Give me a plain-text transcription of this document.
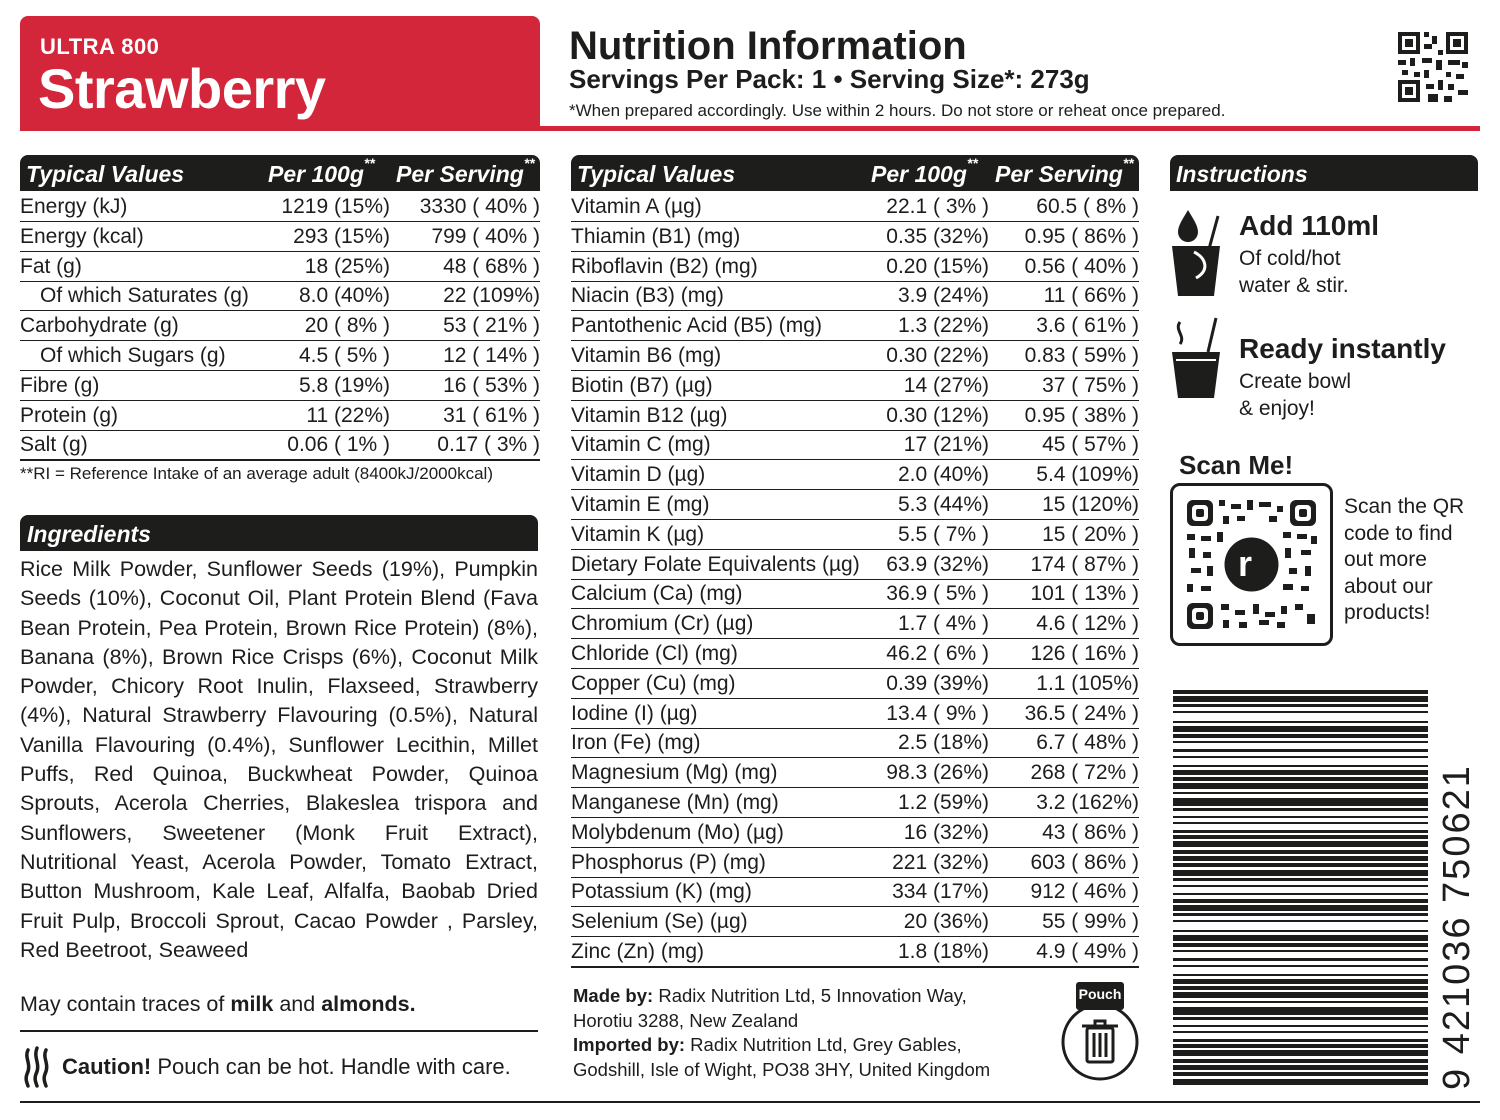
ULTRA 800
Strawberry
Nutrition Information
Servings Per Pack: 1 • Serving Size*: 273g
*When prepared accordingly. Use within 2 hours. Do not store or reheat once prepared.
Typical Values	Per 100g** Per Serving**
Energy (kJ)	1219 (15%) 3330 ( 40% )
Energy (kcal)	293 (15%) 799 ( 40% )
Fat (g)	18 (25%)	48 ( 68% )
Of which Saturates (g) 8.0 (40%)	22 (109%)
Carbohydrate (g)	20 ( 8% )	53 ( 21% )
Of which Sugars (g)	4.5 ( 5% )	12 ( 14% )
Fibre (g)	5.8 (19%)	16 ( 53% )
Protein (g)	11 (22%)	31 ( 61% )
Salt (g)	0.06 ( 1% ) 0.17 ( 3% )
**RI = Reference Intake of an average adult (8400kJ/2000kcal)
Ingredients
Rice Milk Powder, Sunflower Seeds (19%), Pumpkin Seeds (10%), Coconut Oil, Plant Protein Blend (Fava Bean Protein, Pea Protein, Brown Rice Protein) (8%), Banana (8%), Brown Rice Crisps (6%), Coconut Milk Powder, Chicory Root Inulin, Flaxseed, Strawberry (4%), Natural Strawberry Flavouring (0.5%), Natural Vanilla Flavouring (0.4%), Sunflower Lecithin, Millet Puffs, Red Quinoa, Buckwheat Powder, Quinoa Sprouts, Acerola Cherries, Blakeslea trispora and Sunflowers, Sweetener (Monk Fruit Extract), Nutritional Yeast, Acerola Powder, Tomato Extract, Button Mushroom, Kale Leaf, Alfalfa, Baobab Dried Fruit Pulp, Broccoli Sprout, Cacao Powder , Parsley, Red Beetroot, Seaweed
May contain traces of milk and almonds.
Caution! Pouch can be hot. Handle with care.
Typical Values	Per 100g** Per Serving**
Vitamin A (µg)	22.1 ( 3% ) 60.5 ( 8% )
Thiamin (B1) (mg)	0.35 (32%) 0.95 ( 86% )
Riboflavin (B2) (mg)	0.20 (15%) 0.56 ( 40% )
Niacin (B3) (mg)	3.9 (24%)	11 ( 66% )
Pantothenic Acid (B5) (mg)	1.3 (22%) 3.6 ( 61% )
Vitamin B6 (mg)	0.30 (22%) 0.83 ( 59% )
Biotin (B7) (µg)	14 (27%)	37 ( 75% )
Vitamin B12 (µg)	0.30 (12%) 0.95 ( 38% )
Vitamin C (mg)	17 (21%)	45 ( 57% )
Vitamin D (µg)	2.0 (40%) 5.4 (109%)
Vitamin E (mg)	5.3 (44%)	15 (120%)
Vitamin K (µg)	5.5 ( 7% )	15 ( 20% )
Dietary Folate Equivalents (µg) 63.9 (32%) 174 ( 87% )
Calcium (Ca) (mg)	36.9 ( 5% ) 101 ( 13% )
Chromium (Cr) (µg)	1.7 ( 4% ) 4.6 ( 12% )
Chloride (Cl) (mg)	46.2 ( 6% ) 126 ( 16% )
Copper (Cu) (mg)	0.39 (39%) 1.1 (105%)
Iodine (I) (µg)	13.4 ( 9% ) 36.5 ( 24% )
Iron (Fe) (mg)	2.5 (18%) 6.7 ( 48% )
Magnesium (Mg) (mg)	98.3 (26%) 268 ( 72% )
Manganese (Mn) (mg)	1.2 (59%) 3.2 (162%)
Molybdenum (Mo) (µg)	16 (32%)	43 ( 86% )
Phosphorus (P) (mg)	221 (32%) 603 ( 86% )
Potassium (K) (mg)	334 (17%) 912 ( 46% )
Selenium (Se) (µg)	20 (36%)	55 ( 99% )
Zinc (Zn) (mg)	1.8 (18%) 4.9 ( 49% )
Made by: Radix Nutrition Ltd, 5 Innovation Way,
Horotiu 3288, New Zealand
Imported by: Radix Nutrition Ltd, Grey Gables,
Godshill, Isle of Wight, PO38 3HY, United Kingdom
Pouch
Instructions
Add 110ml
Of cold/hot
water & stir.
Ready instantly
Create bowl
& enjoy!
Scan Me!
r
Scan the QR
code to find
out more
about our
products!
9 421036 750621
